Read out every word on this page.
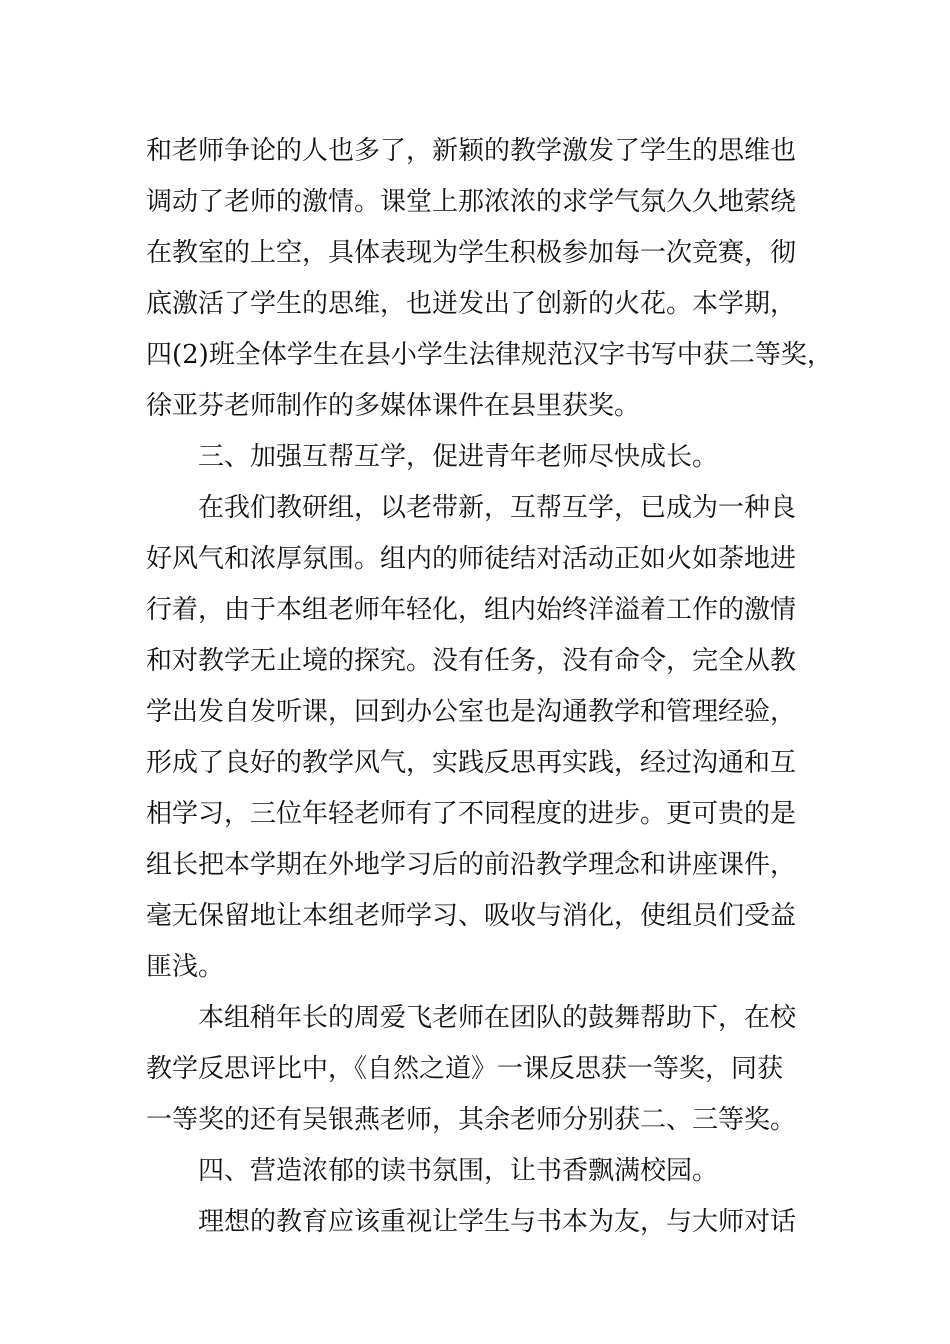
和老师争论的人也多了，新颖的教学激发了学生的思维也
调动了老师的激情。课堂上那浓浓的求学气氛久久地萦绕
在教室的上空，具体表现为学生积极参加每一次竞赛，彻
底激活了学生的思维，也迸发出了创新的火花。本学期，
四(2)班全体学生在县小学生法律规范汉字书写中获二等奖，
徐亚芬老师制作的多媒体课件在县里获奖。
三、加强互帮互学，促进青年老师尽快成长。
在我们教研组，以老带新，互帮互学，已成为一种良
好风气和浓厚氛围。组内的师徒结对活动正如火如荼地进
行着，由于本组老师年轻化，组内始终洋溢着工作的激情
和对教学无止境的探究。没有任务，没有命令，完全从教
学出发自发听课，回到办公室也是沟通教学和管理经验，
形成了良好的教学风气，实践反思再实践，经过沟通和互
相学习，三位年轻老师有了不同程度的进步。更可贵的是
组长把本学期在外地学习后的前沿教学理念和讲座课件，
毫无保留地让本组老师学习、吸收与消化，使组员们受益
匪浅。
本组稍年长的周爱飞老师在团队的鼓舞帮助下，在校
教学反思评比中，《自然之道》一课反思获一等奖，同获
一等奖的还有吴银燕老师，其余老师分别获二、三等奖。
四、营造浓郁的读书氛围，让书香飘满校园。
理想的教育应该重视让学生与书本为友，与大师对话
